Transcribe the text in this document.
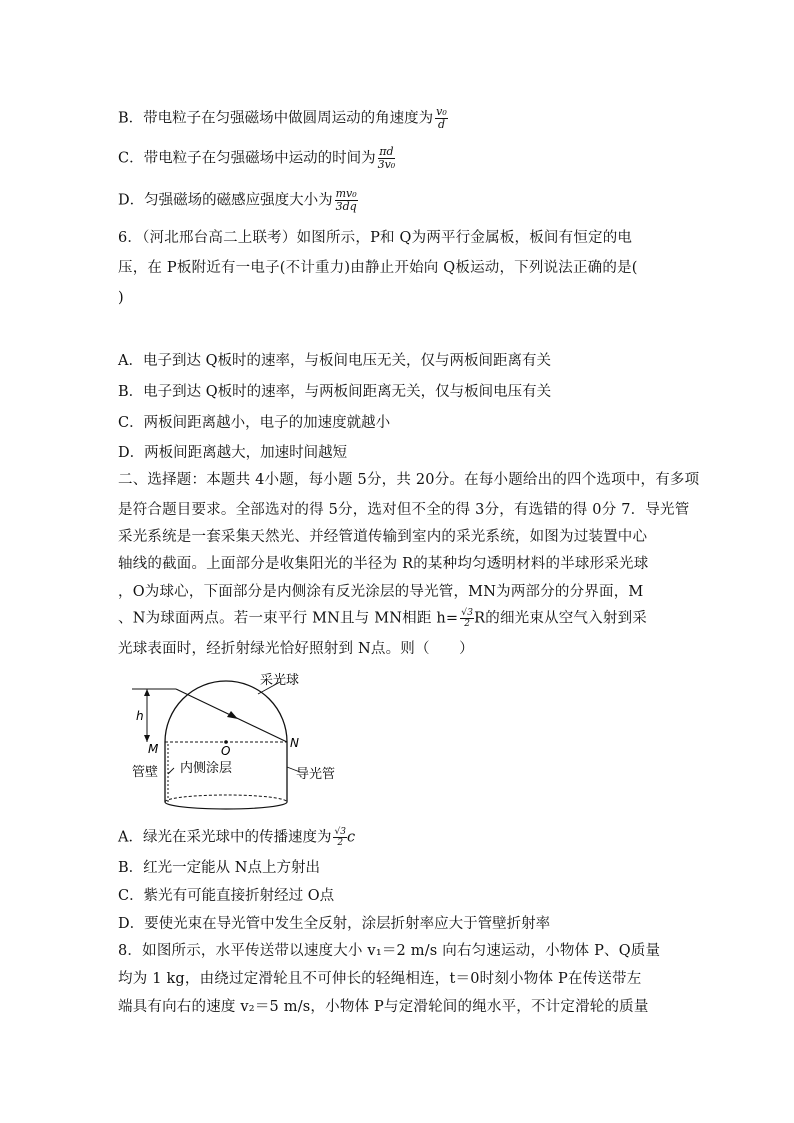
B．带电粒子在匀强磁场中做圆周运动的角速度为 $\frac{\text{v₀}}{d}$
C．带电粒子在匀强磁场中运动的时间为 $\frac{\pi d}{\text{3v₀}}$
D．匀强磁场的磁感应强度大小为 $\frac{\text{mv₀}}{3dq}$
6．（河北邢台高二上联考）如图所示，P和 Q为两平行金属板，板间有恒定的电
压，在 P板附近有一电子(不计重力)由静止开始向 Q板运动，下列说法正确的是(
)
A．电子到达 Q板时的速率，与板间电压无关，仅与两板间距离有关
B．电子到达 Q板时的速率，与两板间距离无关，仅与板间电压有关
C．两板间距离越小，电子的加速度就越小
D．两板间距离越大，加速时间越短
二、选择题：本题共 4小题，每小题 5分，共 20分。在每小题给出的四个选项中，有多项
是符合题目要求。全部选对的得 5分，选对但不全的得 3分，有选错的得 0分 7．导光管
采光系统是一套采集天然光、并经管道传输到室内的采光系统，如图为过装置中心
轴线的截面。上面部分是收集阳光的半径为 R的某种均匀透明材料的半球形采光球
，O为球心，下面部分是内侧涂有反光涂层的导光管，MN为两部分的分界面，M
、N为球面两点。若一束平行 MN且与 MN相距 $h= \frac{√3}{2}$ R的细光束从空气入射到采
光球表面时，经折射绿光恰好照射到 N点。则（　　）
采光球
h
M	O
N
管壁 内侧涂层	导光管
A．绿光在采光球中的传播速度为 $\frac{√3}{2}$ c
B．红光一定能从 N点上方射出
C．紫光有可能直接折射经过 O点
D．要使光束在导光管中发生全反射，涂层折射率应大于管壁折射率
8．如图所示，水平传送带以速度大小 v₁＝2 m/s 向右匀速运动，小物体 P、Q质量
均为 1 kg，由绕过定滑轮且不可伸长的轻绳相连，t＝0时刻小物体 P在传送带左
端具有向右的速度 v₂＝5 m/s，小物体 P与定滑轮间的绳水平，不计定滑轮的质量
